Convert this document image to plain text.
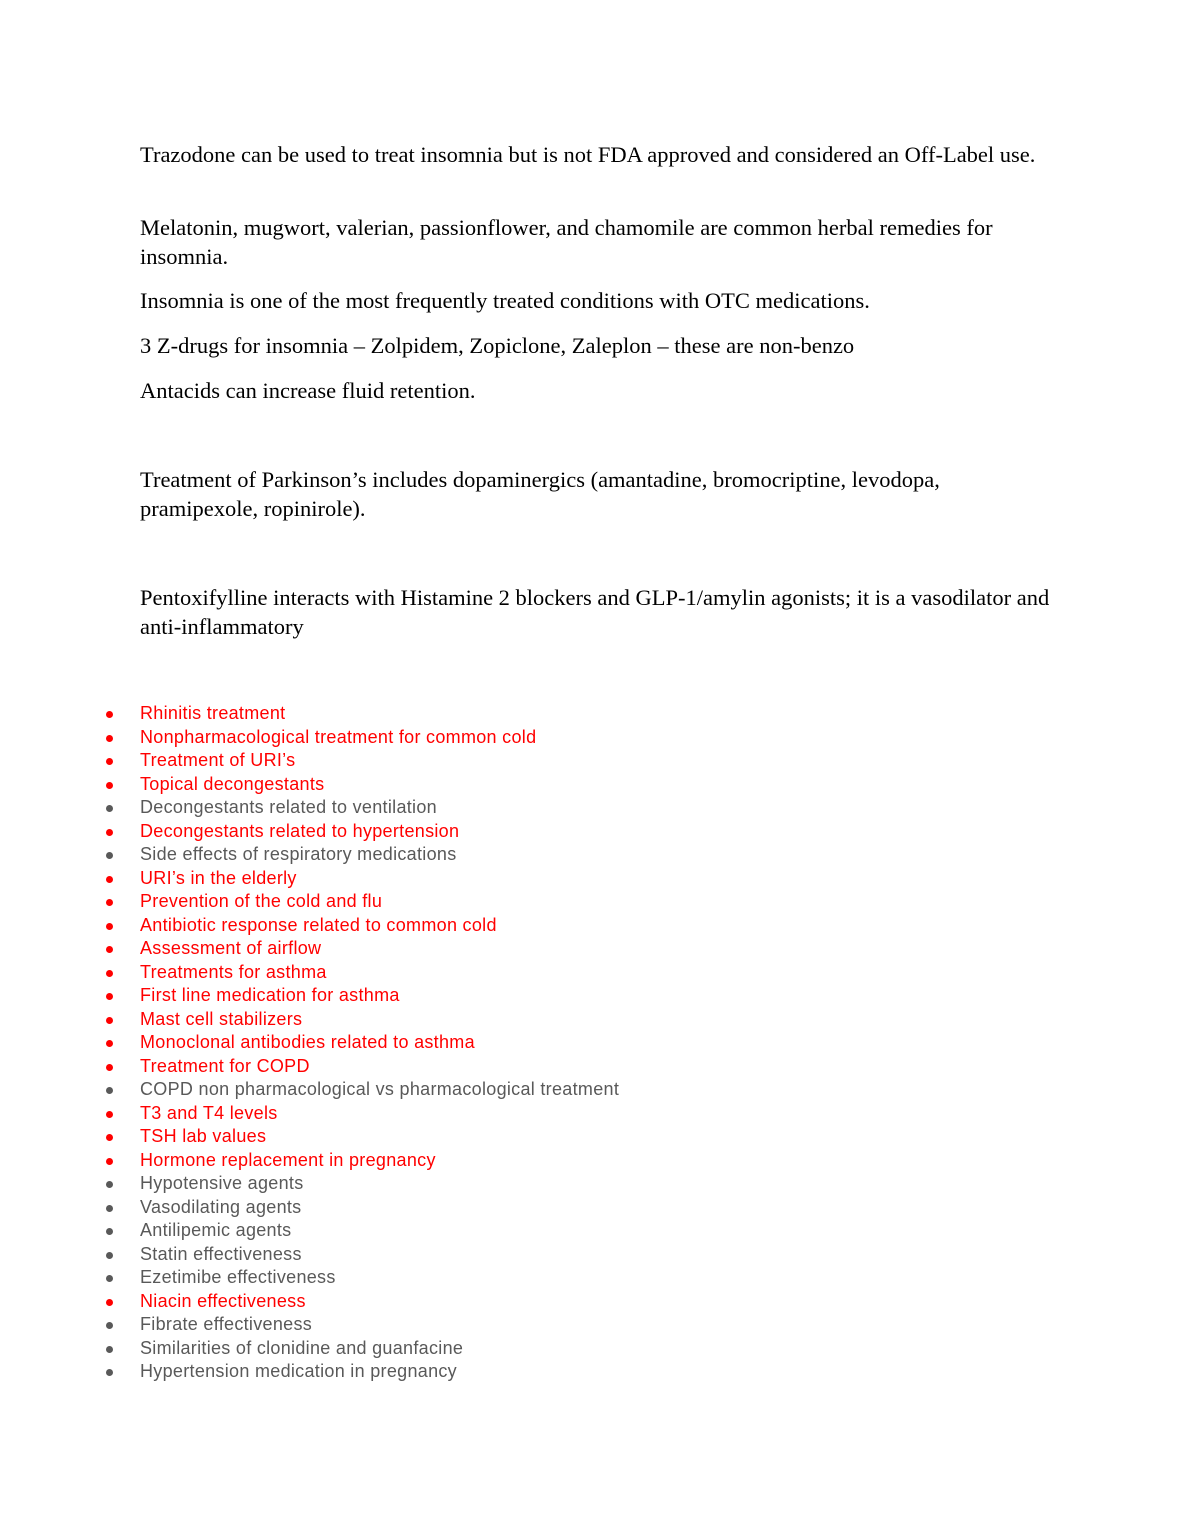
Trazodone can be used to treat insomnia but is not FDA approved and considered an Off-Label use.

Melatonin, mugwort, valerian, passionflower, and chamomile are common herbal remedies for insomnia.

Insomnia is one of the most frequently treated conditions with OTC medications.

3 Z-drugs for insomnia – Zolpidem, Zopiclone, Zaleplon – these are non-benzo

Antacids can increase fluid retention.

Treatment of Parkinson’s includes dopaminergics (amantadine, bromocriptine, levodopa, pramipexole, ropinirole).

Pentoxifylline interacts with Histamine 2 blockers and GLP-1/amylin agonists; it is a vasodilator and anti-inflammatory

Rhinitis treatment
Nonpharmacological treatment for common cold
Treatment of URI’s
Topical decongestants
Decongestants related to ventilation
Decongestants related to hypertension
Side effects of respiratory medications
URI’s in the elderly
Prevention of the cold and flu
Antibiotic response related to common cold
Assessment of airflow
Treatments for asthma
First line medication for asthma
Mast cell stabilizers
Monoclonal antibodies related to asthma
Treatment for COPD
COPD non pharmacological vs pharmacological treatment
T3 and T4 levels
TSH lab values
Hormone replacement in pregnancy
Hypotensive agents
Vasodilating agents
Antilipemic agents
Statin effectiveness
Ezetimibe effectiveness
Niacin effectiveness
Fibrate effectiveness
Similarities of clonidine and guanfacine
Hypertension medication in pregnancy
